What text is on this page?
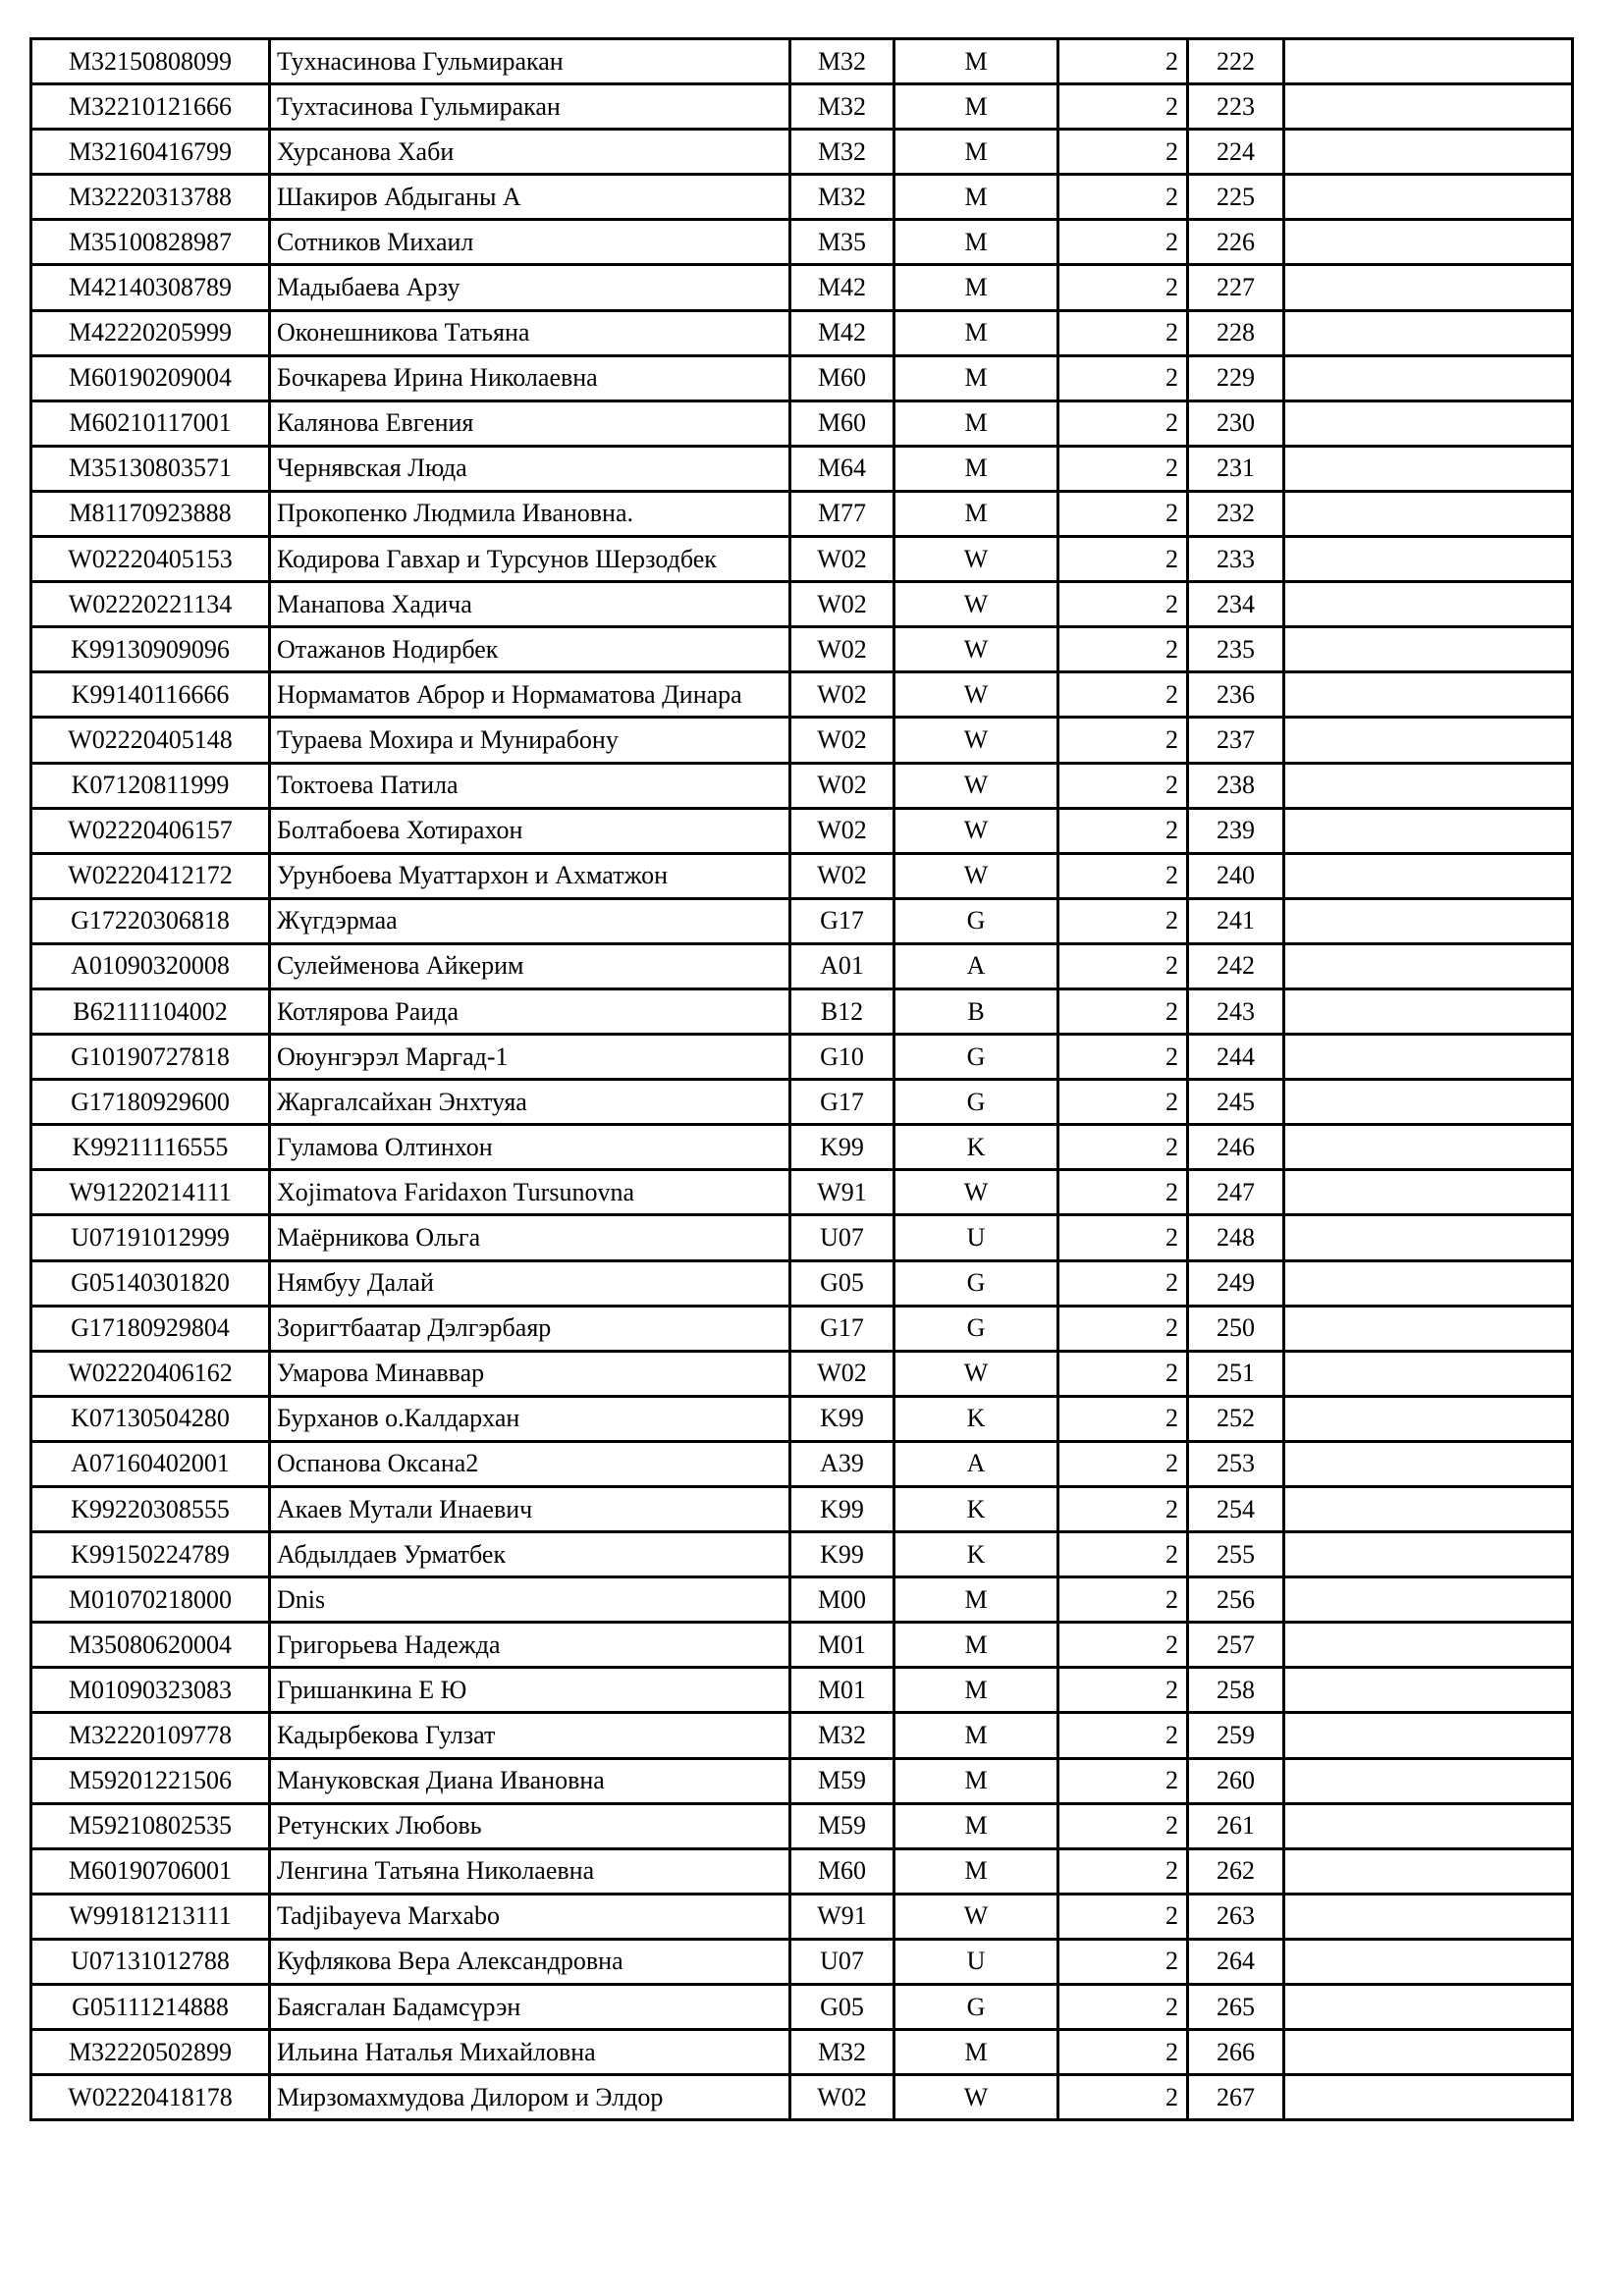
M32150808099	Тухнасинова Гульмиракан	M32	M	2	222	
M32210121666	Тухтасинова Гульмиракан	M32	M	2	223	
M32160416799	Хурсанова Хаби	M32	M	2	224	
M32220313788	Шакиров Абдыганы А	M32	M	2	225	
M35100828987	Сотников Михаил	M35	M	2	226	
M42140308789	Мадыбаева Арзу	M42	M	2	227	
M42220205999	Оконешникова Татьяна	M42	M	2	228	
M60190209004	Бочкарева Ирина Николаевна	M60	M	2	229	
M60210117001	Калянова Евгения	M60	M	2	230	
M35130803571	Чернявская Люда	M64	M	2	231	
M81170923888	Прокопенко Людмила Ивановна.	M77	M	2	232	
W02220405153	Кодирова Гавхар и Турсунов Шерзодбек	W02	W	2	233	
W02220221134	Манапова Хадича	W02	W	2	234	
K99130909096	Отажанов Нодирбек	W02	W	2	235	
K99140116666	Нормаматов Аброр и Нормаматова Динара	W02	W	2	236	
W02220405148	Тураева Мохира и Мунирабону	W02	W	2	237	
K07120811999	Токтоева Патила	W02	W	2	238	
W02220406157	Болтабоева Хотирахон	W02	W	2	239	
W02220412172	Урунбоева Муаттархон и Ахматжон	W02	W	2	240	
G17220306818	Жүгдэрмаа	G17	G	2	241	
A01090320008	Сулейменова Айкерим	A01	A	2	242	
B62111104002	Котлярова Раида	B12	B	2	243	
G10190727818	Оюунгэрэл Маргад-1	G10	G	2	244	
G17180929600	Жаргалсайхан Энхтуяа	G17	G	2	245	
K99211116555	Гуламова Олтинхон	K99	K	2	246	
W91220214111	Xojimatova Faridaxon Tursunovna	W91	W	2	247	
U07191012999	Маёрникова Ольга	U07	U	2	248	
G05140301820	Нямбуу Далай	G05	G	2	249	
G17180929804	Зоригтбаатар Дэлгэрбаяр	G17	G	2	250	
W02220406162	Умарова Минаввар	W02	W	2	251	
K07130504280	Бурханов о.Калдархан	K99	K	2	252	
A07160402001	Оспанова Оксана2	A39	A	2	253	
K99220308555	Акаев Мутали Инаевич	K99	K	2	254	
K99150224789	Абдылдаев Урматбек	K99	K	2	255	
M01070218000	Dnis	M00	M	2	256	
M35080620004	Григорьева Надежда	M01	M	2	257	
M01090323083	Гришанкина Е Ю	M01	M	2	258	
M32220109778	Кадырбекова Гулзат	M32	M	2	259	
M59201221506	Мануковская Диана Ивановна	M59	M	2	260	
M59210802535	Ретунских Любовь	M59	M	2	261	
M60190706001	Ленгина Татьяна Николаевна	M60	M	2	262	
W99181213111	Tadjibayeva Marxabo	W91	W	2	263	
U07131012788	Куфлякова Вера Александровна	U07	U	2	264	
G05111214888	Баясгалан Бадамсүрэн	G05	G	2	265	
M32220502899	Ильина Наталья Михайловна	M32	M	2	266	
W02220418178	Мирзомахмудова Дилором и Элдор	W02	W	2	267	
